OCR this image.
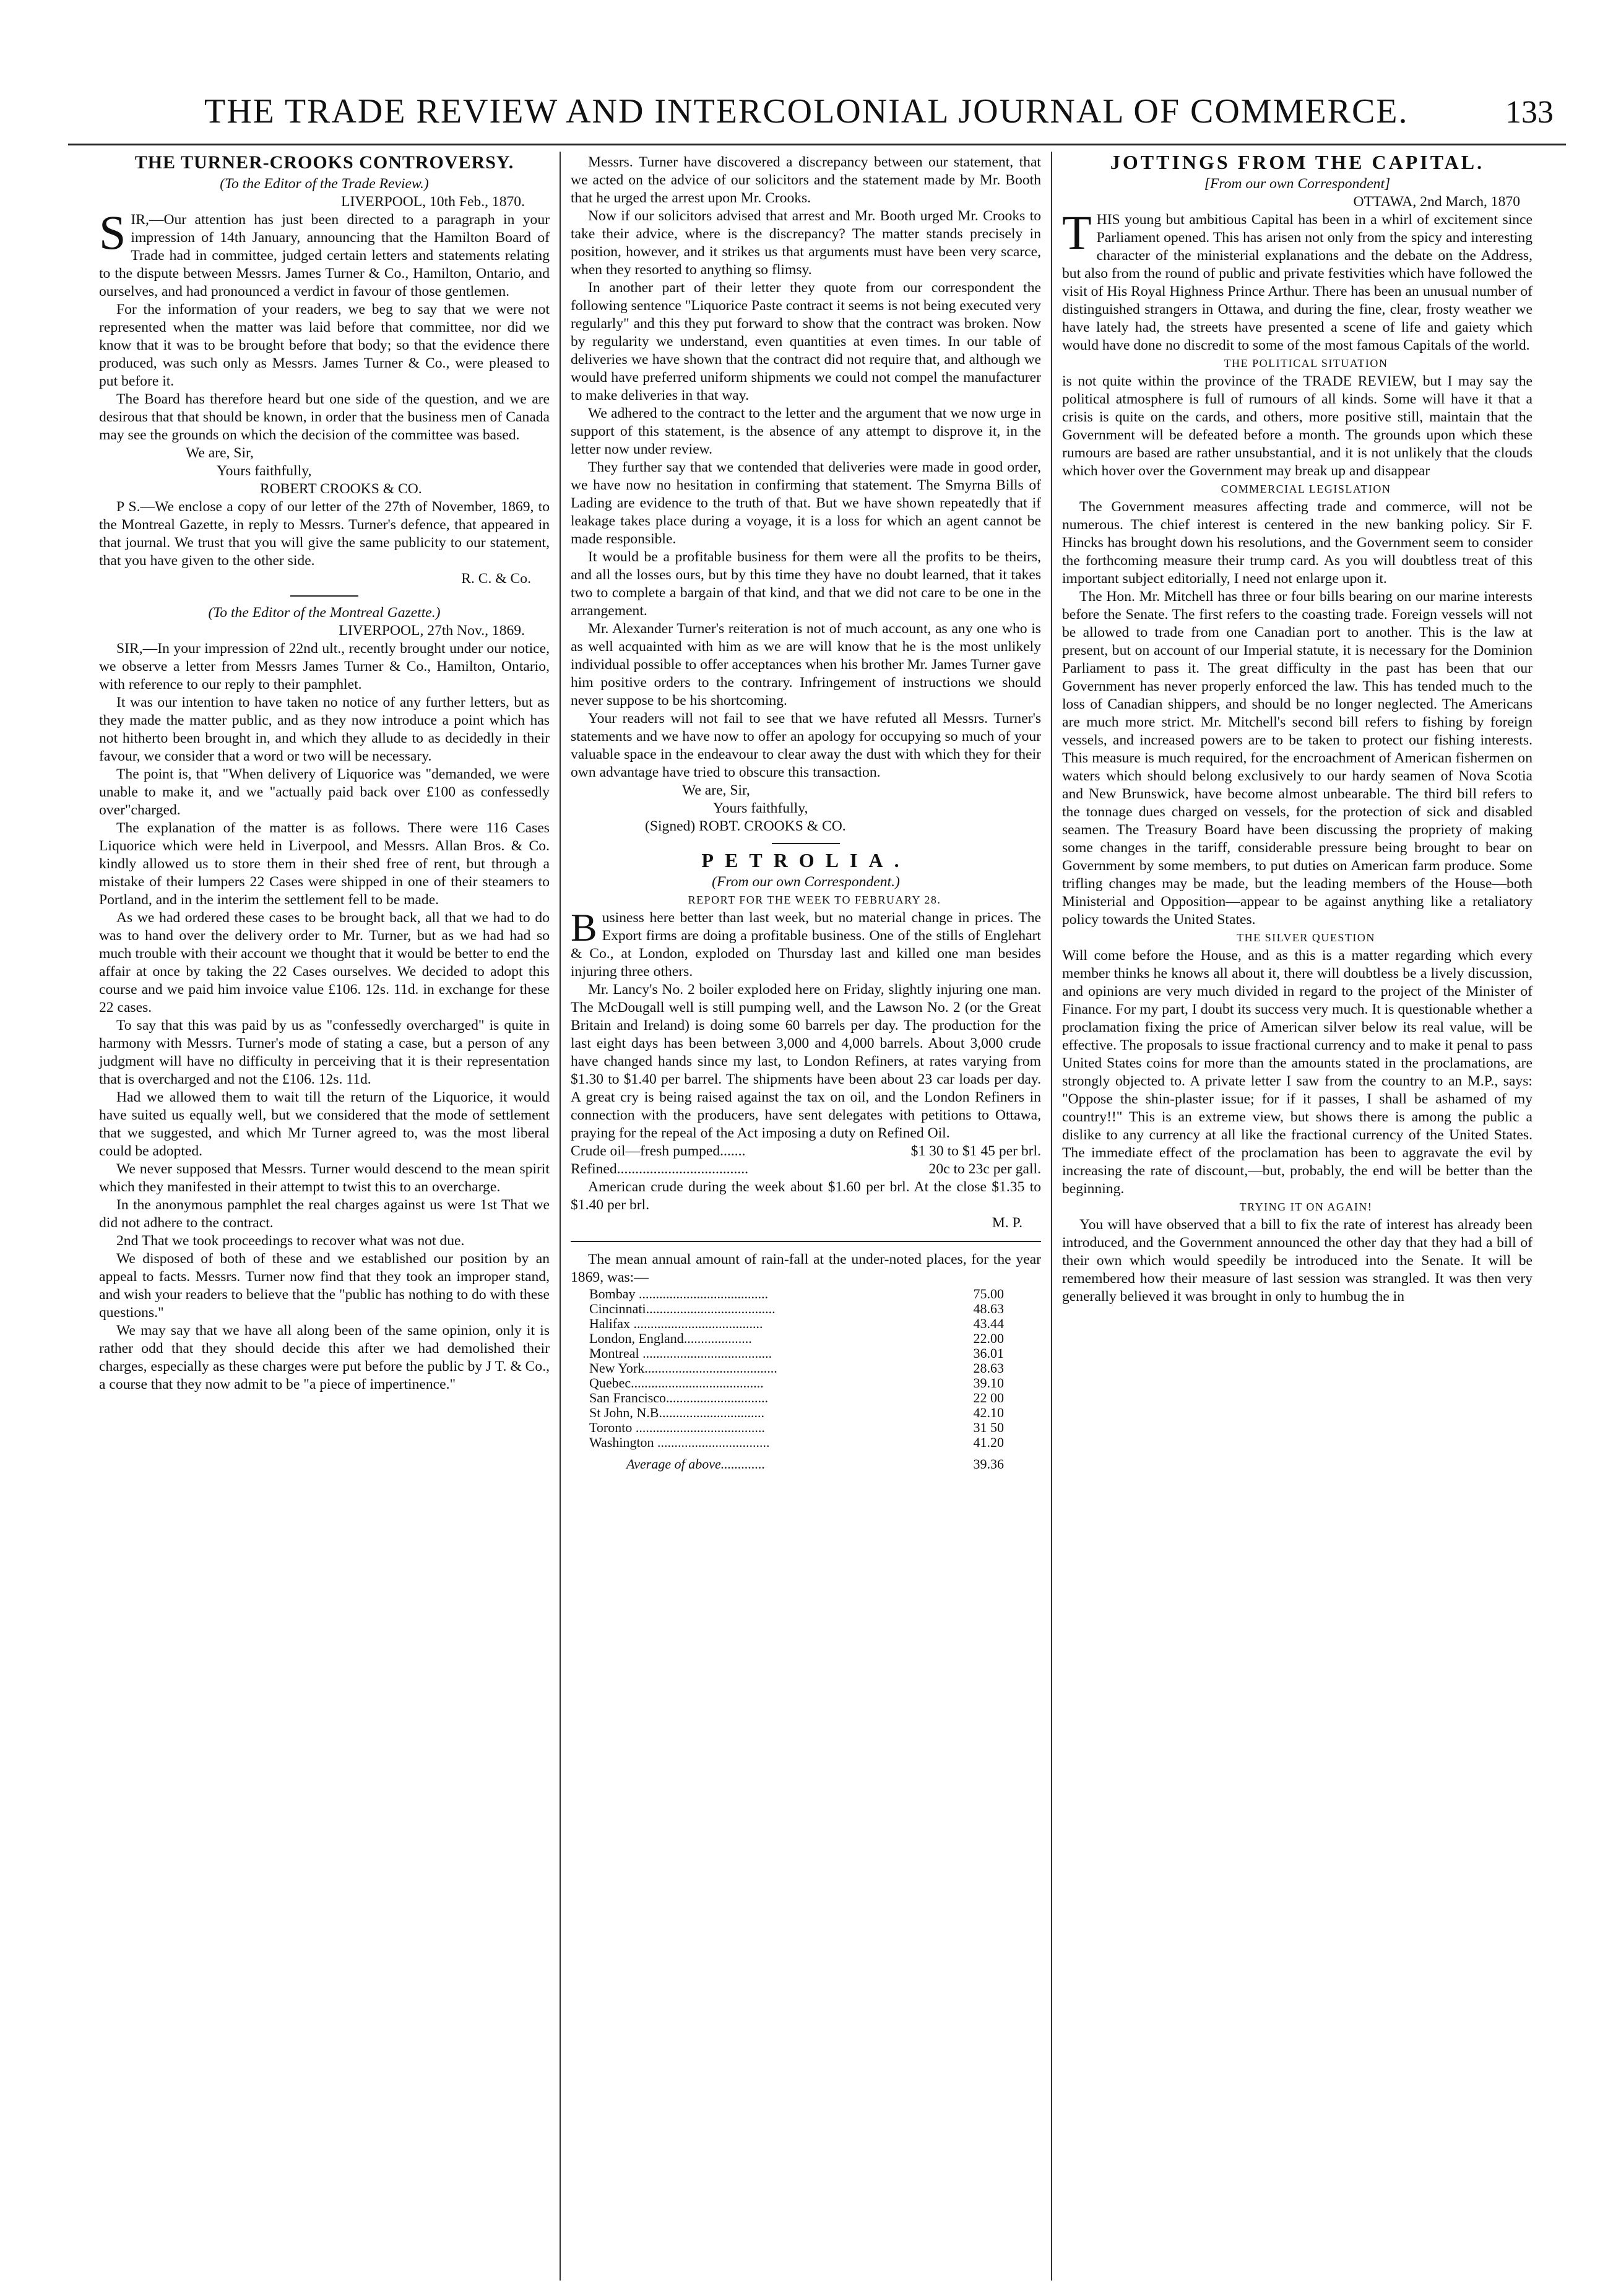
THE TRADE REVIEW AND INTERCOLONIAL JOURNAL OF COMMERCE.	133
THE TURNER-CROOKS CONTROVERSY.

(To the Editor of the Trade Review.)

LIVERPOOL, 10th Feb., 1870.

SIR,—Our attention has just been directed to a paragraph in your impression of 14th January, announcing that the Hamilton Board of Trade had in committee, judged certain letters and statements relating to the dispute between Messrs. James Turner & Co., Hamilton, Ontario, and ourselves, and had pronounced a verdict in favour of those gentlemen.

For the information of your readers, we beg to say that we were not represented when the matter was laid before that committee, nor did we know that it was to be brought before that body; so that the evidence there produced, was such only as Messrs. James Turner & Co., were pleased to put before it.

The Board has therefore heard but one side of the question, and we are desirous that that should be known, in order that the business men of Canada may see the grounds on which the decision of the committee was based.

We are, Sir,

Yours faithfully,

ROBERT CROOKS & CO.

P S.—We enclose a copy of our letter of the 27th of November, 1869, to the Montreal Gazette, in reply to Messrs. Turner's defence, that appeared in that journal. We trust that you will give the same publicity to our statement, that you have given to the other side.

R. C. & Co.

(To the Editor of the Montreal Gazette.)

LIVERPOOL, 27th Nov., 1869.

SIR,—In your impression of 22nd ult., recently brought under our notice, we observe a letter from Messrs James Turner & Co., Hamilton, Ontario, with reference to our reply to their pamphlet.

It was our intention to have taken no notice of any further letters, but as they made the matter public, and as they now introduce a point which has not hitherto been brought in, and which they allude to as decidedly in their favour, we consider that a word or two will be necessary.

The point is, that "When delivery of Liquorice was "demanded, we were unable to make it, and we "actually paid back over £100 as confessedly over"charged.

The explanation of the matter is as follows. There were 116 Cases Liquorice which were held in Liverpool, and Messrs. Allan Bros. & Co. kindly allowed us to store them in their shed free of rent, but through a mistake of their lumpers 22 Cases were shipped in one of their steamers to Portland, and in the interim the settlement fell to be made.

As we had ordered these cases to be brought back, all that we had to do was to hand over the delivery order to Mr. Turner, but as we had had so much trouble with their account we thought that it would be better to end the affair at once by taking the 22 Cases ourselves. We decided to adopt this course and we paid him invoice value £106. 12s. 11d. in exchange for these 22 cases.

To say that this was paid by us as "confessedly overcharged" is quite in harmony with Messrs. Turner's mode of stating a case, but a person of any judgment will have no difficulty in perceiving that it is their representation that is overcharged and not the £106. 12s. 11d.

Had we allowed them to wait till the return of the Liquorice, it would have suited us equally well, but we considered that the mode of settlement that we suggested, and which Mr Turner agreed to, was the most liberal could be adopted.

We never supposed that Messrs. Turner would descend to the mean spirit which they manifested in their attempt to twist this to an overcharge.

In the anonymous pamphlet the real charges against us were 1st That we did not adhere to the contract.

2nd That we took proceedings to recover what was not due.

We disposed of both of these and we established our position by an appeal to facts. Messrs. Turner now find that they took an improper stand, and wish your readers to believe that the "public has nothing to do with these questions."

We may say that we have all along been of the same opinion, only it is rather odd that they should decide this after we had demolished their charges, especially as these charges were put before the public by J T. & Co., a course that they now admit to be "a piece of impertinence."

Messrs. Turner have discovered a discrepancy between our statement, that we acted on the advice of our solicitors and the statement made by Mr. Booth that he urged the arrest upon Mr. Crooks.

Now if our solicitors advised that arrest and Mr. Booth urged Mr. Crooks to take their advice, where is the discrepancy? The matter stands precisely in position, however, and it strikes us that arguments must have been very scarce, when they resorted to anything so flimsy.

In another part of their letter they quote from our correspondent the following sentence "Liquorice Paste contract it seems is not being executed very regularly" and this they put forward to show that the contract was broken. Now by regularity we understand, even quantities at even times. In our table of deliveries we have shown that the contract did not require that, and although we would have preferred uniform shipments we could not compel the manufacturer to make deliveries in that way.

We adhered to the contract to the letter and the argument that we now urge in support of this statement, is the absence of any attempt to disprove it, in the letter now under review.

They further say that we contended that deliveries were made in good order, we have now no hesitation in confirming that statement. The Smyrna Bills of Lading are evidence to the truth of that. But we have shown repeatedly that if leakage takes place during a voyage, it is a loss for which an agent cannot be made responsible.

It would be a profitable business for them were all the profits to be theirs, and all the losses ours, but by this time they have no doubt learned, that it takes two to complete a bargain of that kind, and that we did not care to be one in the arrangement.

Mr. Alexander Turner's reiteration is not of much account, as any one who is as well acquainted with him as we are will know that he is the most unlikely individual possible to offer acceptances when his brother Mr. James Turner gave him positive orders to the contrary. Infringement of instructions we should never suppose to be his shortcoming.

Your readers will not fail to see that we have refuted all Messrs. Turner's statements and we have now to offer an apology for occupying so much of your valuable space in the endeavour to clear away the dust with which they for their own advantage have tried to obscure this transaction.

We are, Sir,

Yours faithfully,

(Signed) ROBT. CROOKS & CO.

PETROLIA.

(From our own Correspondent.)

REPORT FOR THE WEEK TO FEBRUARY 28.

Business here better than last week, but no material change in prices. The Export firms are doing a profitable business. One of the stills of Englehart & Co., at London, exploded on Thursday last and killed one man besides injuring three others.

Mr. Lancy's No. 2 boiler exploded here on Friday, slightly injuring one man. The McDougall well is still pumping well, and the Lawson No. 2 (or the Great Britain and Ireland) is doing some 60 barrels per day. The production for the last eight days has been between 3,000 and 4,000 barrels. About 3,000 crude have changed hands since my last, to London Refiners, at rates varying from $1.30 to $1.40 per barrel. The shipments have been about 23 car loads per day. A great cry is being raised against the tax on oil, and the London Refiners in connection with the producers, have sent delegates with petitions to Ottawa, praying for the repeal of the Act imposing a duty on Refined Oil.

Crude oil—fresh pumped.......	$1 30 to $1 45 per brl.
Refined....................................	20c to 23c per gall.

American crude during the week about $1.60 per brl. At the close $1.35 to $1.40 per brl.

M. P.

The mean annual amount of rain-fall at the under-noted places, for the year 1869, was:—

Bombay ......................................	75.00
Cincinnati......................................	48.63
Halifax ......................................	43.44
London, England....................	22.00
Montreal ......................................	36.01
New York.......................................	28.63
Quebec.......................................	39.10
San Francisco..............................	22 00
St John, N.B...............................	42.10
Toronto ......................................	31 50
Washington .................................	41.20
Average of above.............	39.36
JOTTINGS FROM THE CAPITAL.

[From our own Correspondent]

OTTAWA, 2nd March, 1870

THIS young but ambitious Capital has been in a whirl of excitement since Parliament opened. This has arisen not only from the spicy and interesting character of the ministerial explanations and the debate on the Address, but also from the round of public and private festivities which have followed the visit of His Royal Highness Prince Arthur. There has been an unusual number of distinguished strangers in Ottawa, and during the fine, clear, frosty weather we have lately had, the streets have presented a scene of life and gaiety which would have done no discredit to some of the most famous Capitals of the world.

THE POLITICAL SITUATION

is not quite within the province of the TRADE REVIEW, but I may say the political atmosphere is full of rumours of all kinds. Some will have it that a crisis is quite on the cards, and others, more positive still, maintain that the Government will be defeated before a month. The grounds upon which these rumours are based are rather unsubstantial, and it is not unlikely that the clouds which hover over the Government may break up and disappear

COMMERCIAL LEGISLATION

The Government measures affecting trade and commerce, will not be numerous. The chief interest is centered in the new banking policy. Sir F. Hincks has brought down his resolutions, and the Government seem to consider the forthcoming measure their trump card. As you will doubtless treat of this important subject editorially, I need not enlarge upon it.

The Hon. Mr. Mitchell has three or four bills bearing on our marine interests before the Senate. The first refers to the coasting trade. Foreign vessels will not be allowed to trade from one Canadian port to another. This is the law at present, but on account of our Imperial statute, it is necessary for the Dominion Parliament to pass it. The great difficulty in the past has been that our Government has never properly enforced the law. This has tended much to the loss of Canadian shippers, and should be no longer neglected. The Americans are much more strict. Mr. Mitchell's second bill refers to fishing by foreign vessels, and increased powers are to be taken to protect our fishing interests. This measure is much required, for the encroachment of American fishermen on waters which should belong exclusively to our hardy seamen of Nova Scotia and New Brunswick, have become almost unbearable. The third bill refers to the tonnage dues charged on vessels, for the protection of sick and disabled seamen. The Treasury Board have been discussing the propriety of making some changes in the tariff, considerable pressure being brought to bear on Government by some members, to put duties on American farm produce. Some trifling changes may be made, but the leading members of the House—both Ministerial and Opposition—appear to be against anything like a retaliatory policy towards the United States.

THE SILVER QUESTION

Will come before the House, and as this is a matter regarding which every member thinks he knows all about it, there will doubtless be a lively discussion, and opinions are very much divided in regard to the project of the Minister of Finance. For my part, I doubt its success very much. It is questionable whether a proclamation fixing the price of American silver below its real value, will be effective. The proposals to issue fractional currency and to make it penal to pass United States coins for more than the amounts stated in the proclamations, are strongly objected to. A private letter I saw from the country to an M.P., says: "Oppose the shin-plaster issue; for if it passes, I shall be ashamed of my country!!" This is an extreme view, but shows there is among the public a dislike to any currency at all like the fractional currency of the United States. The immediate effect of the proclamation has been to aggravate the evil by increasing the rate of discount,—but, probably, the end will be better than the beginning.

TRYING IT ON AGAIN!

You will have observed that a bill to fix the rate of interest has already been introduced, and the Government announced the other day that they had a bill of their own which would speedily be introduced into the Senate. It will be remembered how their measure of last session was strangled. It was then very generally believed it was brought in only to humbug the in
